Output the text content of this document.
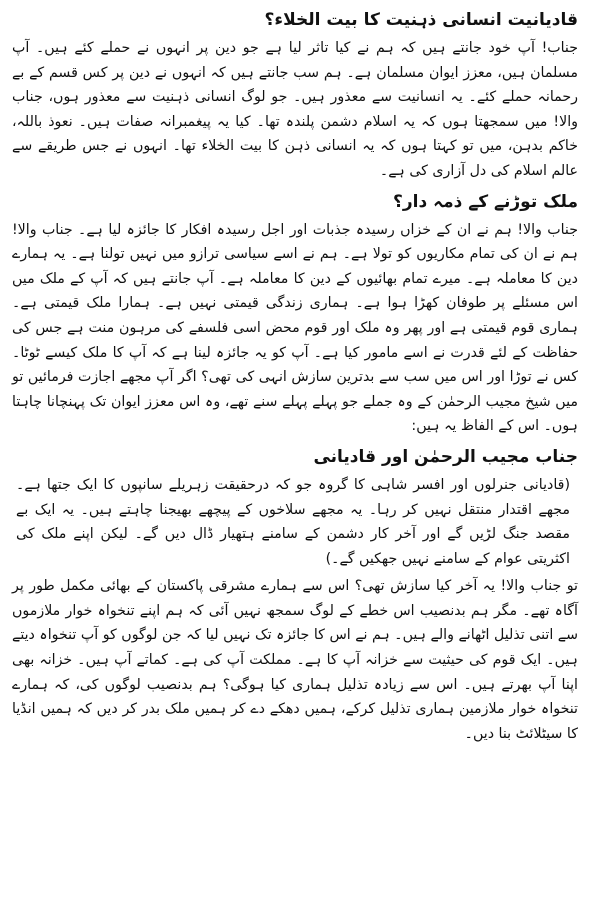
قادیانیت انسانی ذہنیت کا بیت الخلاء؟

جناب! آپ خود جانتے ہیں کہ ہم نے کیا تاثر لیا ہے جو دین پر انہوں نے حملے کئے ہیں۔ آپ مسلمان ہیں، معزز ایوان مسلمان ہے۔ ہم سب جانتے ہیں کہ انہوں نے دین پر کس قسم کے بے رحمانہ حملے کئے۔ یہ انسانیت سے معذور ہیں۔ جو لوگ انسانی ذہنیت سے معذور ہوں، جناب والا! میں سمجھتا ہوں کہ یہ اسلام دشمن پلندہ تھا۔ کیا یہ پیغمبرانہ صفات ہیں۔ نعوذ باللہ، خاکم بدہن، میں تو کہتا ہوں کہ یہ انسانی ذہن کا بیت الخلاء تھا۔ انہوں نے جس طریقے سے عالم اسلام کی دل آزاری کی ہے۔

ملک توڑنے کے ذمہ دار؟

جناب والا! ہم نے ان کے خزاں رسیدہ جذبات اور اجل رسیدہ افکار کا جائزہ لیا ہے۔ جناب والا! ہم نے ان کی تمام مکاریوں کو تولا ہے۔ ہم نے اسے سیاسی ترازو میں نہیں تولنا ہے۔ یہ ہمارے دین کا معاملہ ہے۔ میرے تمام بھائیوں کے دین کا معاملہ ہے۔ آپ جانتے ہیں کہ آپ کے ملک میں اس مسئلے پر طوفان کھڑا ہوا ہے۔ ہماری زندگی قیمتی نہیں ہے۔ ہمارا ملک قیمتی ہے۔ ہماری قوم قیمتی ہے اور پھر وہ ملک اور قوم محض اسی فلسفے کی مرہون منت ہے جس کی حفاظت کے لئے قدرت نے اسے مامور کیا ہے۔ آپ کو یہ جائزہ لینا ہے کہ آپ کا ملک کیسے ٹوٹا۔ کس نے توڑا اور اس میں سب سے بدترین سازش انہی کی تھی؟ اگر آپ مجھے اجازت فرمائیں تو میں شیخ مجیب الرحمٰن کے وہ جملے جو پہلے پہلے سنے تھے، وہ اس معزز ایوان تک پہنچانا چاہتا ہوں۔ اس کے الفاظ یہ ہیں:

جناب مجیب الرحمٰن اور قادیانی

(قادیانی جنرلوں اور افسر شاہی کا گروہ جو کہ درحقیقت زہریلے سانپوں کا ایک جتھا ہے۔ مجھے اقتدار منتقل نہیں کر رہا۔ یہ مجھے سلاخوں کے پیچھے بھیجنا چاہتے ہیں۔ یہ ایک بے مقصد جنگ لڑیں گے اور آخر کار دشمن کے سامنے ہتھیار ڈال دیں گے۔ لیکن اپنے ملک کی اکثریتی عوام کے سامنے نہیں جھکیں گے۔)

تو جناب والا! یہ آخر کیا سازش تھی؟ اس سے ہمارے مشرقی پاکستان کے بھائی مکمل طور پر آگاہ تھے۔ مگر ہم بدنصیب اس خطے کے لوگ سمجھ نہیں آئی کہ ہم اپنے تنخواہ خوار ملازموں سے اتنی تذلیل اٹھانے والے ہیں۔ ہم نے اس کا جائزہ تک نہیں لیا کہ جن لوگوں کو آپ تنخواہ دیتے ہیں۔ ایک قوم کی حیثیت سے خزانہ آپ کا ہے۔ مملکت آپ کی ہے۔ کماتے آپ ہیں۔ خزانہ بھی اپنا آپ بھرتے ہیں۔ اس سے زیادہ تذلیل ہماری کیا ہوگی؟ ہم بدنصیب لوگوں کی، کہ ہمارے تنخواہ خوار ملازمین ہماری تذلیل کرکے، ہمیں دھکے دے کر ہمیں ملک بدر کر دیں کہ ہمیں انڈیا کا سیٹلائٹ بنا دیں۔
